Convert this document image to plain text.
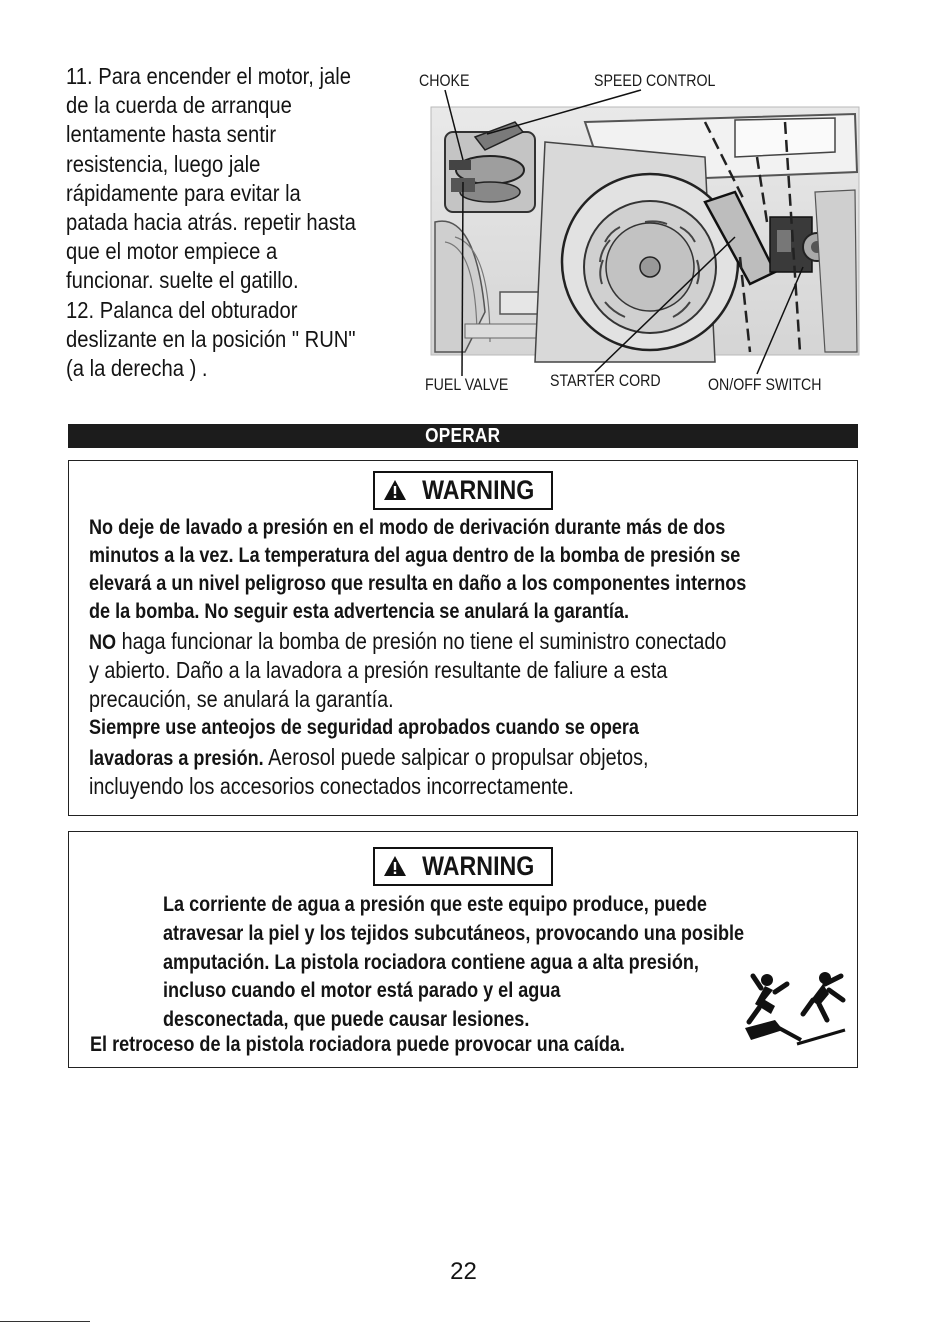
11. Para encender el motor, jale
de la cuerda de arranque
lentamente hasta sentir
resistencia, luego jale
rápidamente para evitar la
patada hacia atrás. repetir hasta
que el motor empiece a
funcionar. suelte el gatillo.
12. Palanca del obturador
deslizante en la posición " RUN"
(a la derecha ) .
CHOKE	SPEED CONTROL
FUEL VALVE	STARTER CORD	ON/OFF SWITCH
OPERAR
WARNING
No deje de lavado a presión en el modo de derivación durante más de dos
minutos a la vez. La temperatura del agua dentro de la bomba de presión se
elevará a un nivel peligroso que resulta en daño a los componentes internos
de la bomba. No seguir esta advertencia se anulará la garantía.
NO haga funcionar la bomba de presión no tiene el suministro conectado
y abierto. Daño a la lavadora a presión resultante de faliure a esta
precaución, se anulará la garantía.
Siempre use anteojos de seguridad aprobados cuando se opera
lavadoras a presión. Aerosol puede salpicar o propulsar objetos,
incluyendo los accesorios conectados incorrectamente.
WARNING
La corriente de agua a presión que este equipo produce, puede
atravesar la piel y los tejidos subcutáneos, provocando una posible
amputación. La pistola rociadora contiene agua a alta presión,
incluso cuando el motor está parado y el agua
desconectada, que puede causar lesiones.
El retroceso de la pistola rociadora puede provocar una caída.
22
